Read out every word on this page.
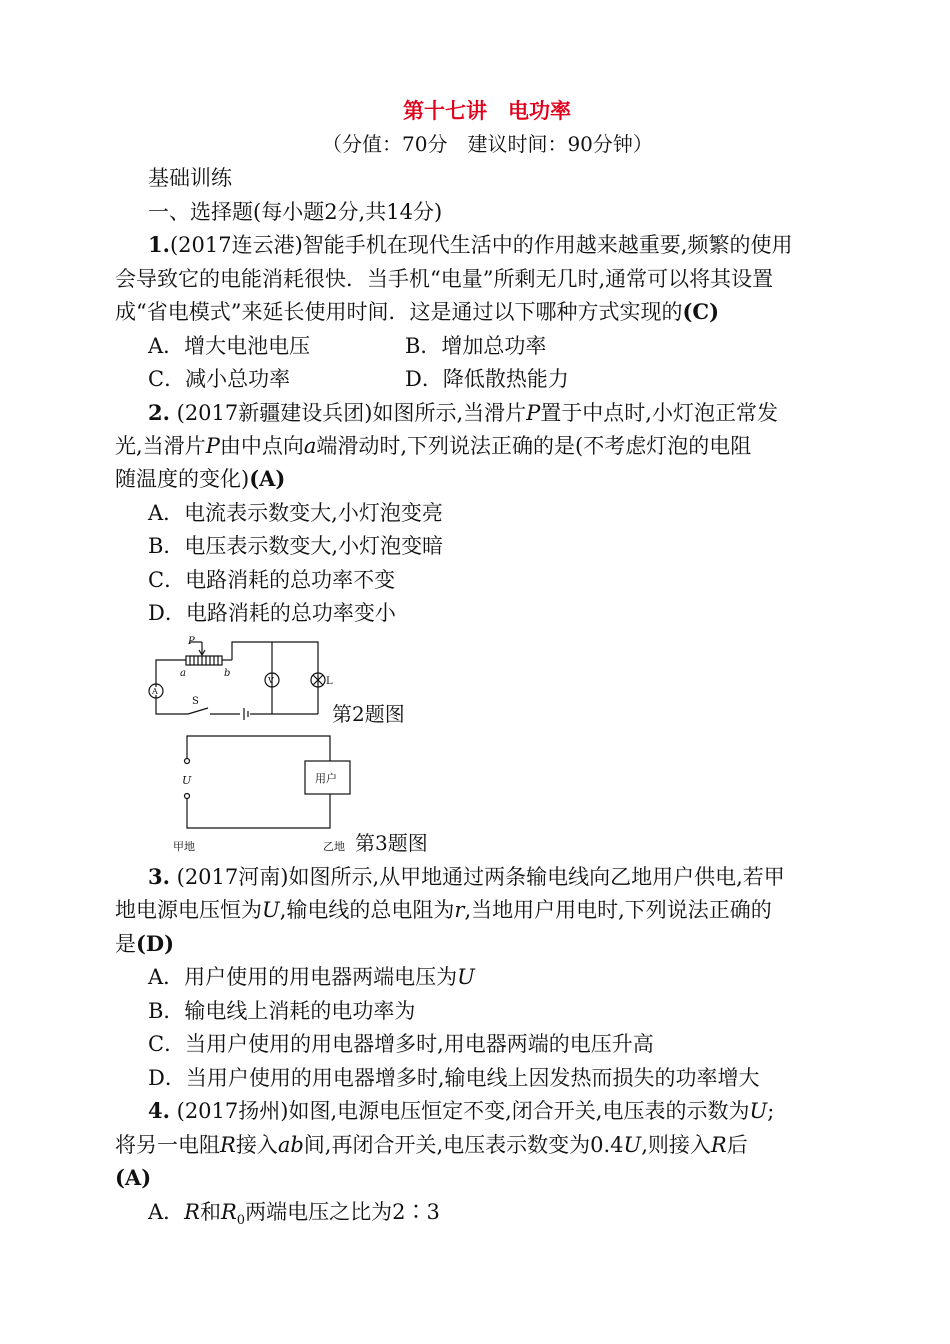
第十七讲　电功率
（分值：70分　建议时间：90分钟）
基础训练
一、选择题(每小题2分,共14分)
1.(2017连云港)智能手机在现代生活中的作用越来越重要,频繁的使用
会导致它的电能消耗很快．当手机“电量”所剩无几时,通常可以将其设置
成“省电模式”来延长使用时间．这是通过以下哪种方式实现的(C)
A．增大电池电压	B．增加总功率
C．减小总功率	D．降低散热能力
2. (2017新疆建设兵团)如图所示,当滑片P置于中点时,小灯泡正常发
光,当滑片P由中点向a端滑动时,下列说法正确的是(不考虑灯泡的电阻
随温度的变化)(A)
A．电流表示数变大,小灯泡变亮
B．电压表示数变大,小灯泡变暗
C．电路消耗的总功率不变
D．电路消耗的总功率变小
P
a	b
A
V	L
S
第2题图
U	用户
甲地	乙地 第3题图
3. (2017河南)如图所示,从甲地通过两条输电线向乙地用户供电,若甲
地电源电压恒为U,输电线的总电阻为r,当地用户用电时,下列说法正确的
是(D)
A．用户使用的用电器两端电压为U
B．输电线上消耗的电功率为
C．当用户使用的用电器增多时,用电器两端的电压升高
D．当用户使用的用电器增多时,输电线上因发热而损失的功率增大
4. (2017扬州)如图,电源电压恒定不变,闭合开关,电压表的示数为U;
将另一电阻R接入ab间,再闭合开关,电压表示数变为0.4U,则接入R后
(A)
A．R和$R_0$两端电压之比为2∶3
